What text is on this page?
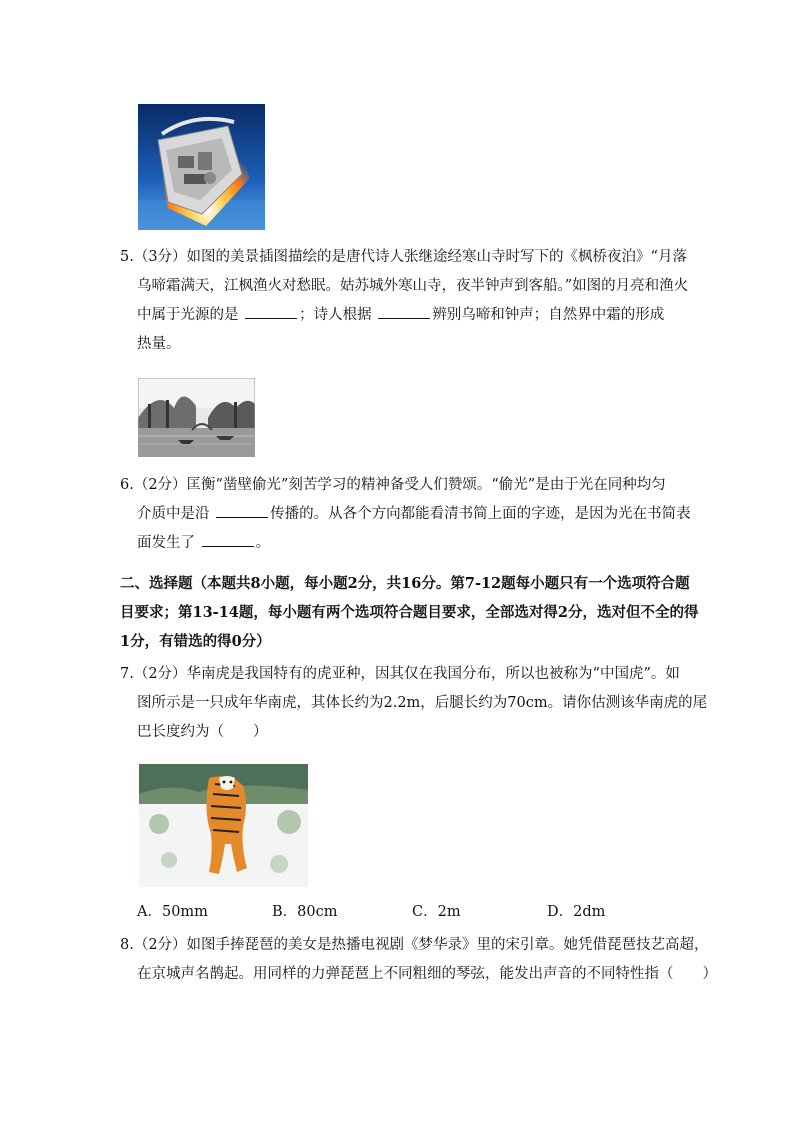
5.（3分）如图的美景插图描绘的是唐代诗人张继途经寒山寺时写下的《枫桥夜泊》“月落
乌啼霜满天，江枫渔火对愁眠。姑苏城外寒山寺，夜半钟声到客船。”如图的月亮和渔火
中属于光源的是	；诗人根据	辨别乌啼和钟声；自然界中霜的形成
热量。
6.（2分）匡衡“凿壁偷光”刻苦学习的精神备受人们赞颂。“偷光”是由于光在同种均匀
介质中是沿	传播的。从各个方向都能看清书简上面的字迹，是因为光在书简表
面发生了	。
二、选择题（本题共8小题，每小题2分，共16分。第7-12题每小题只有一个选项符合题
目要求；第13-14题，每小题有两个选项符合题目要求，全部选对得2分，选对但不全的得
1分，有错选的得0分）
7.（2分）华南虎是我国特有的虎亚种，因其仅在我国分布，所以也被称为“中国虎”。如
图所示是一只成年华南虎，其体长约为2.2m，后腿长约为70cm。请你估测该华南虎的尾
巴长度约为（　　）
A．50mm	B．80cm	C．2m	D．2dm
8.（2分）如图手捧琵琶的美女是热播电视剧《梦华录》里的宋引章。她凭借琵琶技艺高超，
在京城声名鹊起。用同样的力弹琵琶上不同粗细的琴弦，能发出声音的不同特性指（　　）
